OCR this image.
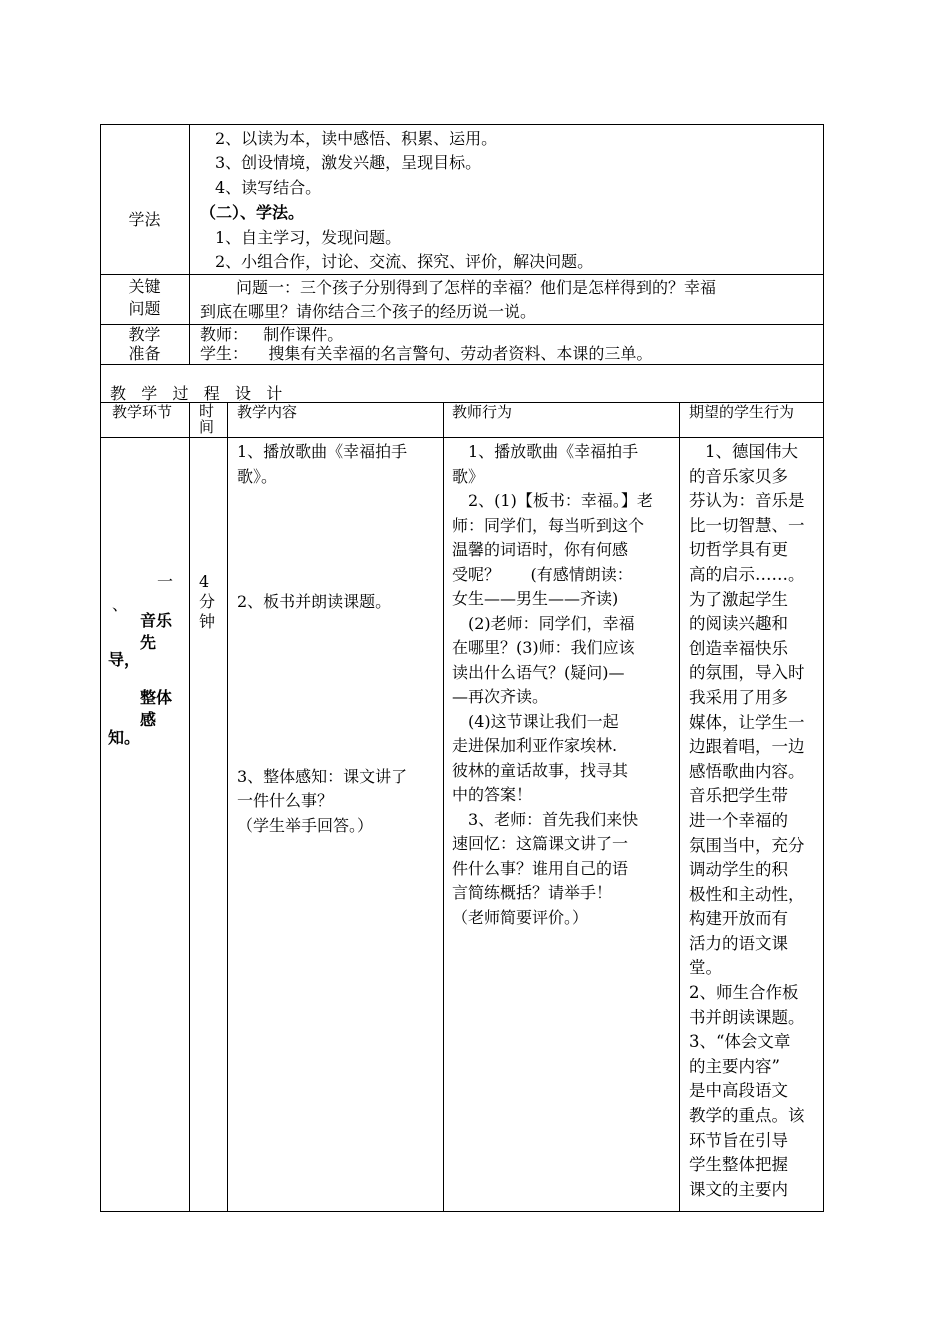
学法
2、以读为本，读中感悟、积累、运用。
3、创设情境，激发兴趣，呈现目标。
4、读写结合。
（二）、学法。
1、自主学习，发现问题。
2、小组合作，讨论、交流、探究、评价，解决问题。
关键
问题
问题一：三个孩子分别得到了怎样的幸福？他们是怎样得到的？幸福
到底在哪里？请你结合三个孩子的经历说一说。
教学
准备
教师：   制作课件。
学生：    搜集有关幸福的名言警句、劳动者资料、本课的三单。
教   学   过   程   设   计
教学环节 时
间
教学内容	教师行为	期望的学生行为
一
、
音乐
先
导，
整体
感
知。
4
分
钟
1、播放歌曲《幸福拍手
歌》。
2、板书并朗读课题。
3、整体感知：课文讲了
一件什么事？
（学生举手回答。）
1、播放歌曲《幸福拍手
歌》
2、(1)【板书：幸福。】老
师：同学们，每当听到这个
温馨的词语时，你有何感
受呢？      (有感情朗读：
女生——男生——齐读)
(2)老师：同学们，幸福
在哪里？(3)师：我们应该
读出什么语气？(疑问)—
—再次齐读。
(4)这节课让我们一起
走进保加利亚作家埃林.
彼林的童话故事，找寻其
中的答案！
3、老师：首先我们来快
速回忆：这篇课文讲了一
件什么事？谁用自己的语
言简练概括？请举手！
（老师简要评价。）
1、德国伟大
的音乐家贝多
芬认为：音乐是
比一切智慧、一
切哲学具有更
高的启示……。
为了激起学生
的阅读兴趣和
创造幸福快乐
的氛围，导入时
我采用了用多
媒体，让学生一
边跟着唱，一边
感悟歌曲内容。
音乐把学生带
进一个幸福的
氛围当中，充分
调动学生的积
极性和主动性，
构建开放而有
活力的语文课
堂。
2、师生合作板
书并朗读课题。
3、“体会文章
的主要内容”
是中高段语文
教学的重点。该
环节旨在引导
学生整体把握
课文的主要内
